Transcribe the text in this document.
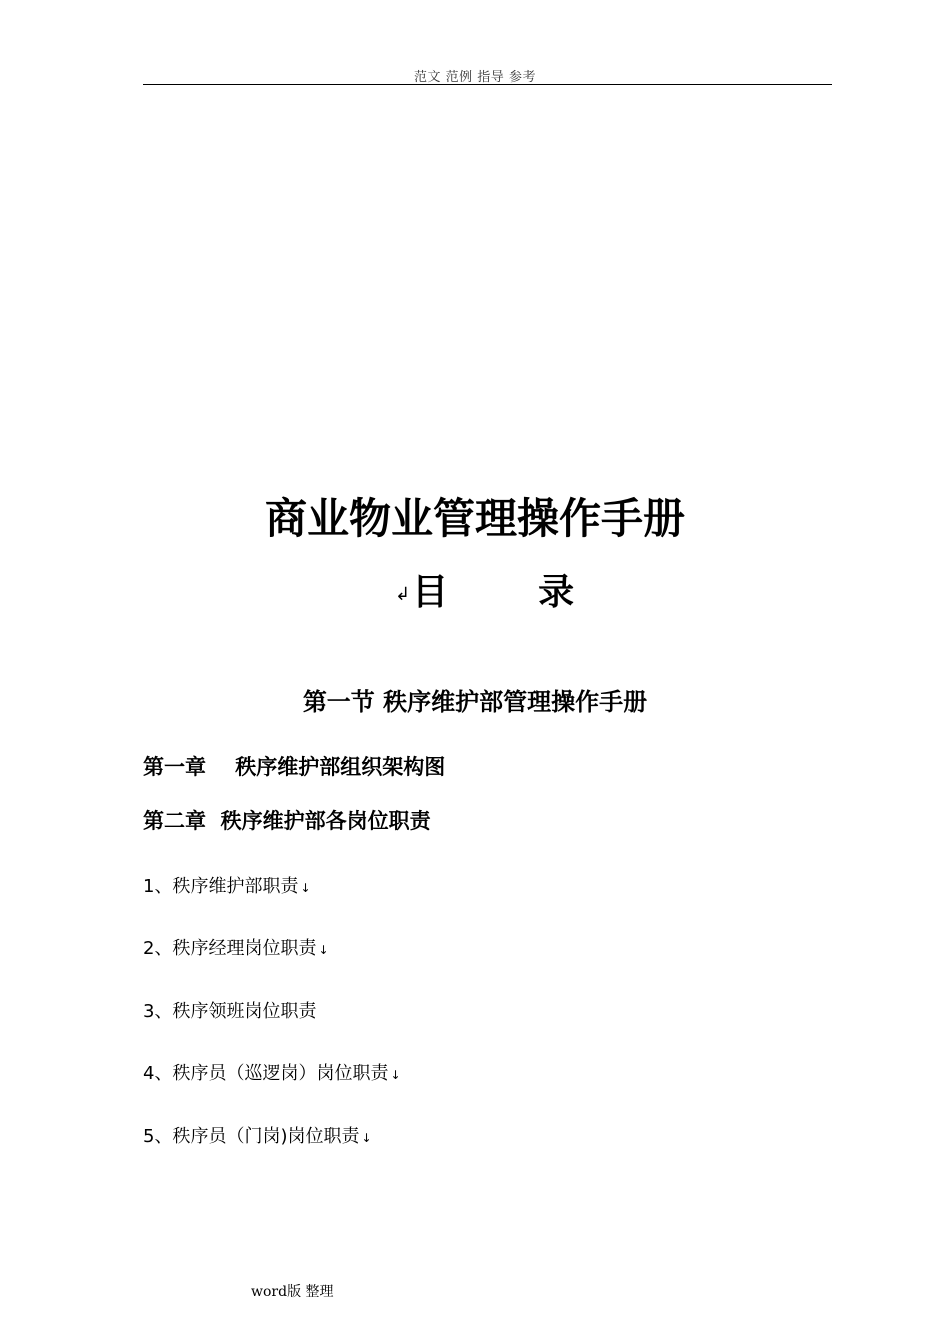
范文 范例 指导 参考
商业物业管理操作手册
↲目	录
第一节 秩序维护部管理操作手册
第一章    秩序维护部组织架构图
第二章  秩序维护部各岗位职责
1、秩序维护部职责 ↓
2、秩序经理岗位职责 ↓
3、秩序领班岗位职责
4、秩序员（巡逻岗）岗位职责 ↓
5、秩序员（门岗)岗位职责 ↓
word版 整理
